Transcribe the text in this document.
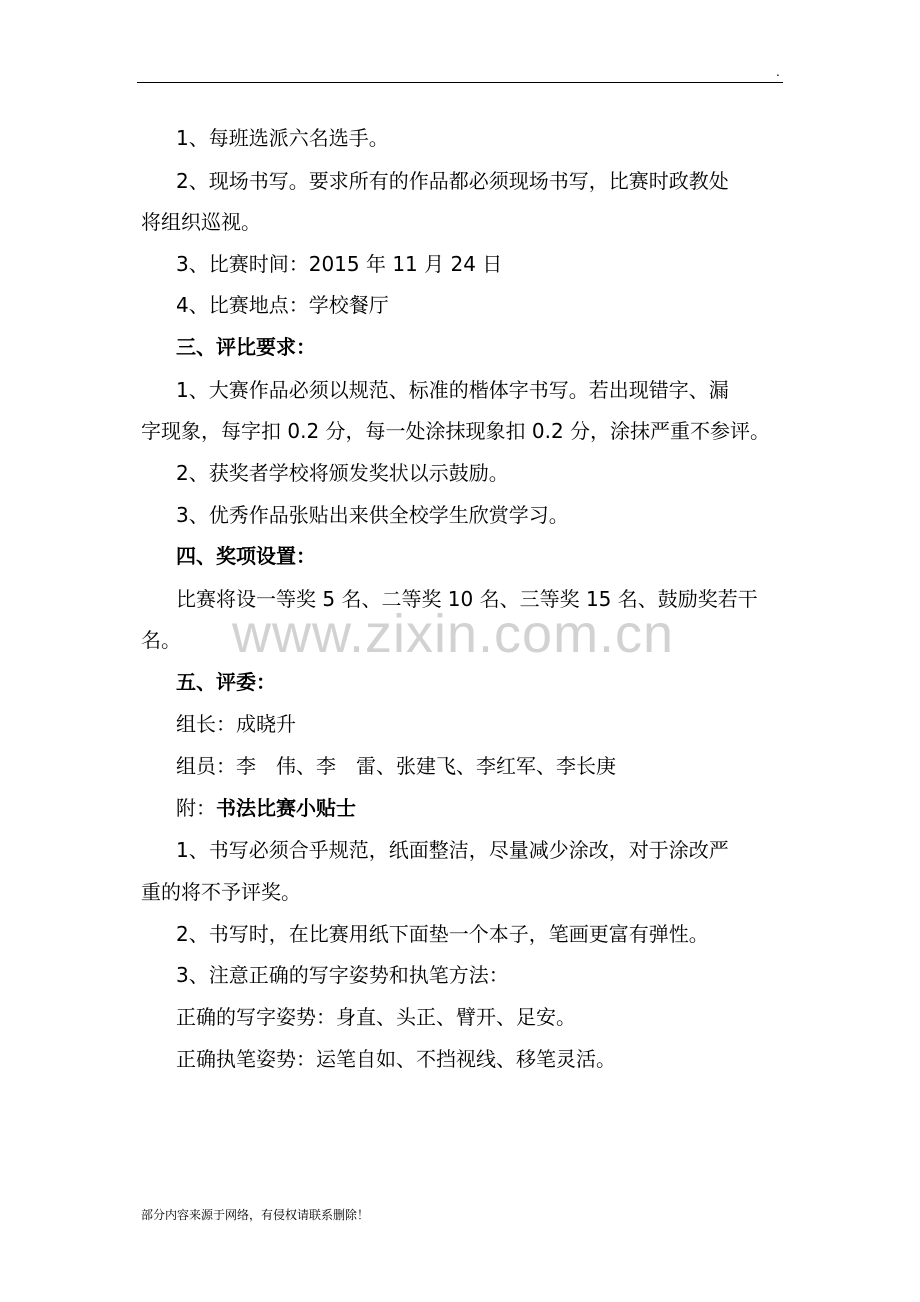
.
1、每班选派六名选手。
2、现场书写。要求所有的作品都必须现场书写，比赛时政教处
将组织巡视。
3、比赛时间：2015 年 11 月 24 日
4、比赛地点：学校餐厅
三、评比要求：
1、大赛作品必须以规范、标准的楷体字书写。若出现错字、漏
字现象，每字扣 0.2 分，每一处涂抹现象扣 0.2 分，涂抹严重不参评。
2、获奖者学校将颁发奖状以示鼓励。
3、优秀作品张贴出来供全校学生欣赏学习。
四、奖项设置：
比赛将设一等奖 5 名、二等奖 10 名、三等奖 15 名、鼓励奖若干
名。
五、评委：
组长：成晓升
组员：李　伟、李　雷、张建飞、李红军、李长庚
附：书法比赛小贴士
1、书写必须合乎规范，纸面整洁，尽量减少涂改，对于涂改严
重的将不予评奖。
2、书写时，在比赛用纸下面垫一个本子，笔画更富有弹性。
3、注意正确的写字姿势和执笔方法：
正确的写字姿势：身直、头正、臂开、足安。
正确执笔姿势：运笔自如、不挡视线、移笔灵活。
www.zixin.com.cn
部分内容来源于网络，有侵权请联系删除！
